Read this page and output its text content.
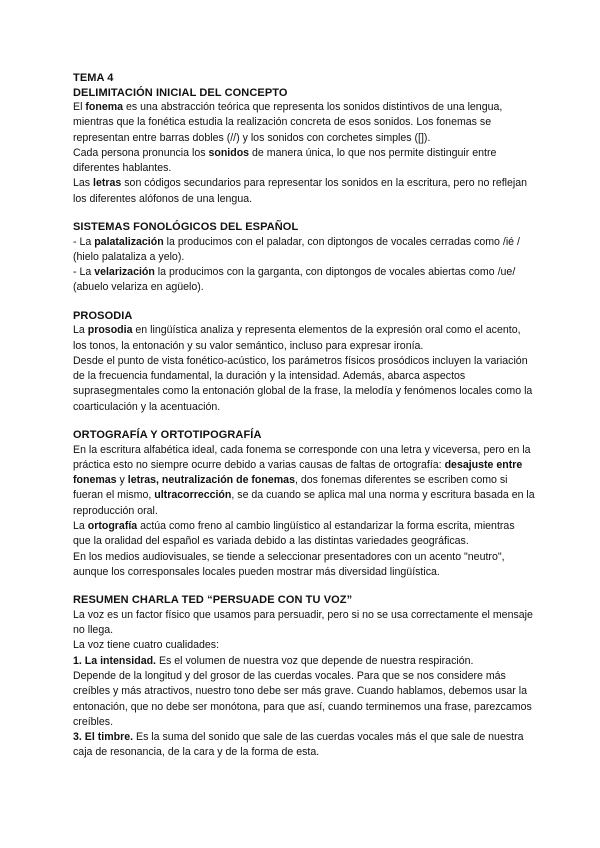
TEMA 4

DELIMITACIÓN INICIAL DEL CONCEPTO

El fonema es una abstracción teórica que representa los sonidos distintivos de una lengua, mientras que la fonética estudia la realización concreta de esos sonidos. Los fonemas se representan entre barras dobles (//) y los sonidos con corchetes simples ([]).

Cada persona pronuncia los sonidos de manera única, lo que nos permite distinguir entre diferentes hablantes.

Las letras son códigos secundarios para representar los sonidos en la escritura, pero no reflejan los diferentes alófonos de una lengua.

SISTEMAS FONOLÓGICOS DEL ESPAÑOL

- La palatalización la producimos con el paladar, con diptongos de vocales cerradas como /ié / (hielo palataliza a yelo).

- La velarización la producimos con la garganta, con diptongos de vocales abiertas como /ue/ (abuelo velariza en agüelo).

PROSODIA

La prosodia en lingüística analiza y representa elementos de la expresión oral como el acento, los tonos, la entonación y su valor semántico, incluso para expresar ironía.

Desde el punto de vista fonético-acústico, los parámetros físicos prosódicos incluyen la variación de la frecuencia fundamental, la duración y la intensidad. Además, abarca aspectos suprasegmentales como la entonación global de la frase, la melodía y fenómenos locales como la coarticulación y la acentuación.

ORTOGRAFÍA Y ORTOTIPOGRAFÍA

En la escritura alfabética ideal, cada fonema se corresponde con una letra y viceversa, pero en la práctica esto no siempre ocurre debido a varias causas de faltas de ortografía: desajuste entre fonemas y letras, neutralización de fonemas, dos fonemas diferentes se escriben como si fueran el mismo, ultracorrección, se da cuando se aplica mal una norma y escritura basada en la reproducción oral.

La ortografía actúa como freno al cambio lingüístico al estandarizar la forma escrita, mientras que la oralidad del español es variada debido a las distintas variedades geográficas.

En los medios audiovisuales, se tiende a seleccionar presentadores con un acento "neutro", aunque los corresponsales locales pueden mostrar más diversidad lingüística.

RESUMEN CHARLA TED “PERSUADE CON TU VOZ”

La voz es un factor físico que usamos para persuadir, pero si no se usa correctamente el mensaje no llega.

La voz tiene cuatro cualidades:

1. La intensidad. Es el volumen de nuestra voz que depende de nuestra respiración.

Depende de la longitud y del grosor de las cuerdas vocales. Para que se nos considere más creíbles y más atractivos, nuestro tono debe ser más grave. Cuando hablamos, debemos usar la entonación, que no debe ser monótona, para que así, cuando terminemos una frase, parezcamos creíbles.

3. El timbre. Es la suma del sonido que sale de las cuerdas vocales más el que sale de nuestra

caja de resonancia, de la cara y de la forma de esta.
